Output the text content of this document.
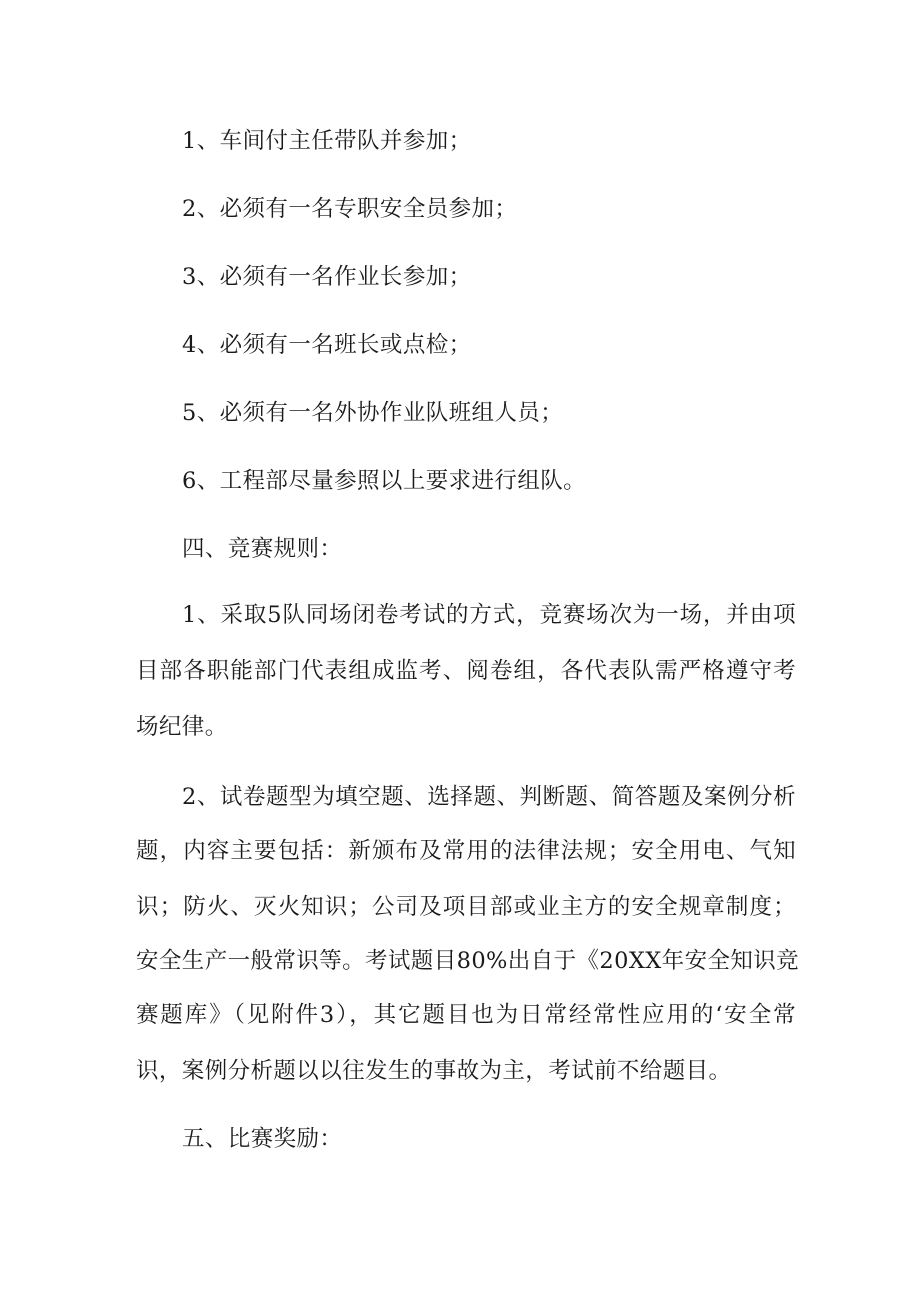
1、车间付主任带队并参加；

2、必须有一名专职安全员参加；

3、必须有一名作业长参加；

4、必须有一名班长或点检；

5、必须有一名外协作业队班组人员；

6、工程部尽量参照以上要求进行组队。

四、竞赛规则：

1、采取5队同场闭卷考试的方式，竞赛场次为一场，并由项

目部各职能部门代表组成监考、阅卷组，各代表队需严格遵守考

场纪律。

2、试卷题型为填空题、选择题、判断题、简答题及案例分析

题，内容主要包括：新颁布及常用的法律法规；安全用电、气知

识；防火、灭火知识；公司及项目部或业主方的安全规章制度；

安全生产一般常识等。考试题目80%出自于《20XX年安全知识竞

赛题库》（见附件3），其它题目也为日常经常性应用的‘安全常

识，案例分析题以以往发生的事故为主，考试前不给题目。

五、比赛奖励：
